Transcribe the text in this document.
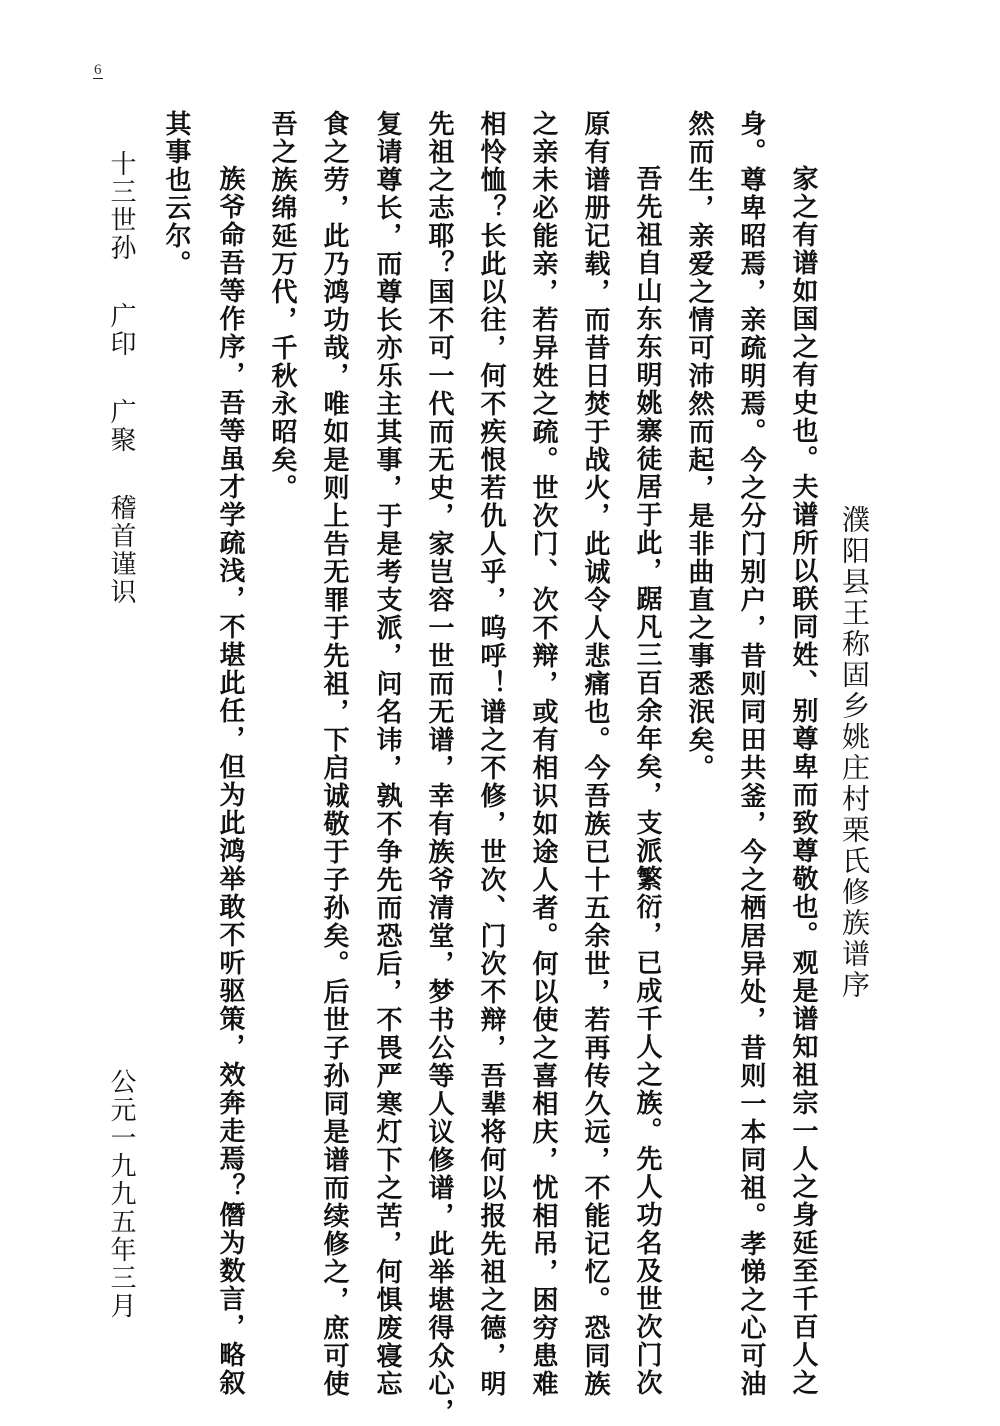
6
濮阳县王称固乡姚庄村栗氏修族谱序
家之有谱如国之有史也。夫谱所以联同姓、别尊卑而致尊敬也。观是谱知祖宗一人之身延至千百人之
身。尊卑昭焉，亲疏明焉。今之分门别户，昔则同田共釜，今之栖居异处，昔则一本同祖。孝悌之心可油
然而生，亲爱之情可沛然而起，是非曲直之事悉泯矣。
吾先祖自山东东明姚寨徒居于此，踞凡三百余年矣，支派繁衍，已成千人之族。先人功名及世次门次
原有谱册记载，而昔日焚于战火，此诚令人悲痛也。今吾族已十五余世，若再传久远，不能记忆。恐同族
之亲未必能亲，若异姓之疏。世次门、次不辩，或有相识如途人者。何以使之喜相庆，忧相吊，困穷患难
相怜恤？长此以往，何不疾恨若仇人乎，呜呼！谱之不修，世次、门次不辩，吾辈将何以报先祖之德，明
先祖之志耶？国不可一代而无史，家岂容一世而无谱，幸有族爷清堂，梦书公等人议修谱，此举堪得众心，
复请尊长，而尊长亦乐主其事，于是考支派，问名讳，孰不争先而恐后，不畏严寒灯下之苦，何惧废寝忘
食之劳，此乃鸿功哉，唯如是则上告无罪于先祖，下启诚敬于子孙矣。后世子孙同是谱而续修之，庶可使
吾之族绵延万代，千秋永昭矣。
族爷命吾等作序，吾等虽才学疏浅，不堪此任，但为此鸿举敢不听驱策，效奔走焉？僭为数言，略叙
其事也云尔。
十三世孙广印广聚稽首谨识
公元一九九五年三月
